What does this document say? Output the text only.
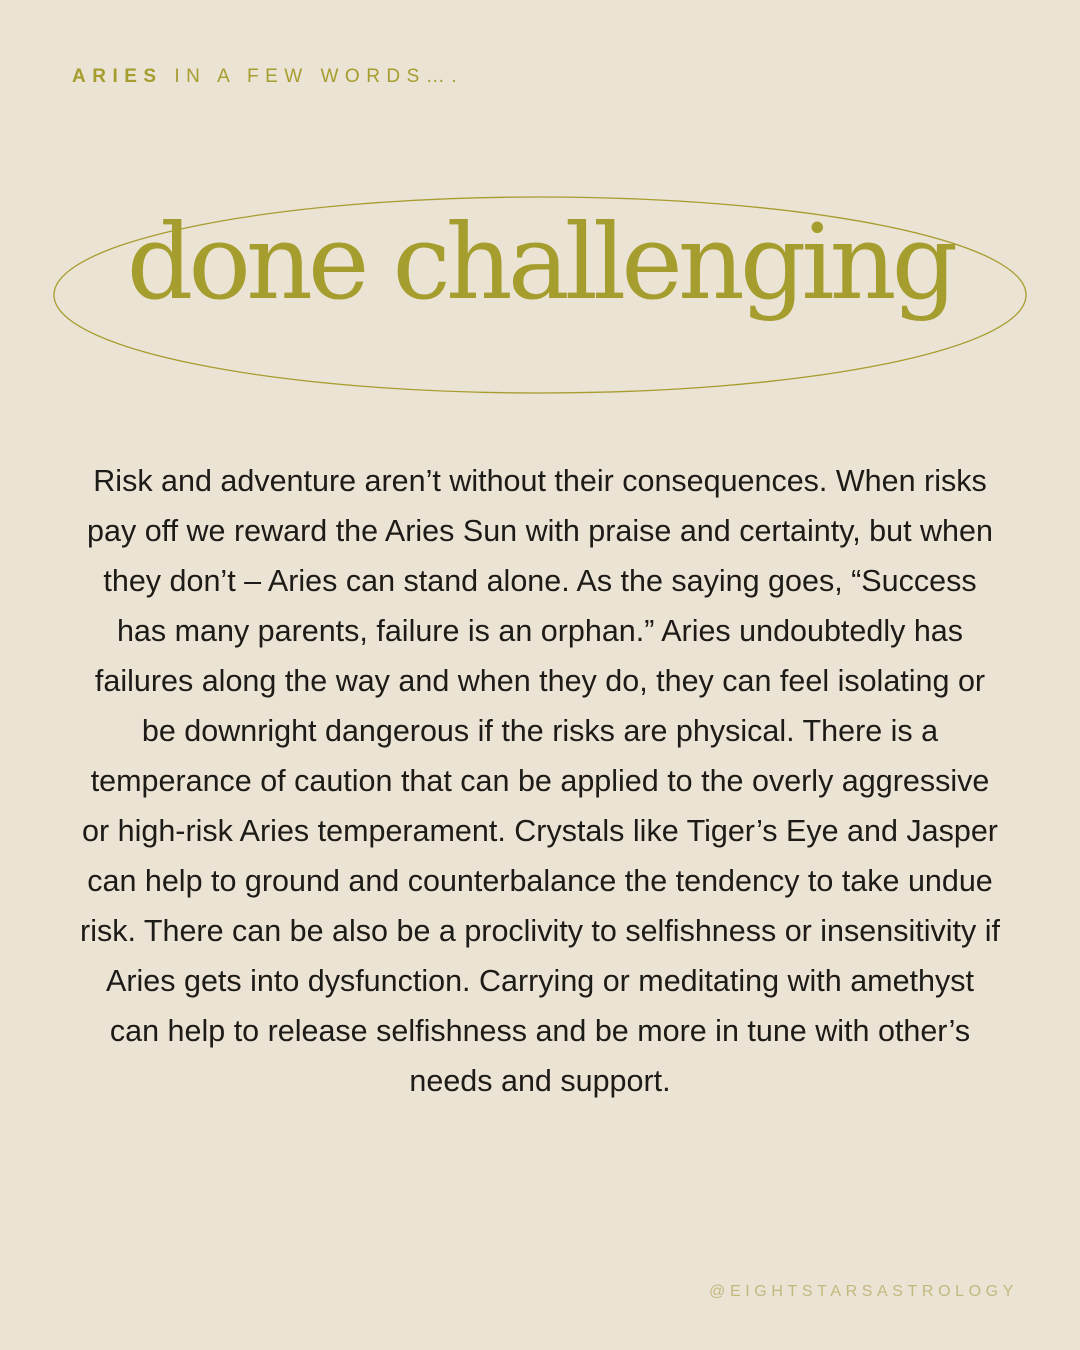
ARIES IN A FEW WORDS….
done challenging

Risk and adventure aren’t without their consequences. When risks pay off we reward the Aries Sun with praise and certainty, but when they don’t – Aries can stand alone. As the saying goes, “Success has many parents, failure is an orphan.” Aries undoubtedly has failures along the way and when they do, they can feel isolating or be downright dangerous if the risks are physical. There is a temperance of caution that can be applied to the overly aggressive or high-risk Aries temperament. Crystals like Tiger’s Eye and Jasper can help to ground and counterbalance the tendency to take undue risk. There can be also be a proclivity to selfishness or insensitivity if Aries gets into dysfunction. Carrying or meditating with amethyst can help to release selfishness and be more in tune with other’s needs and support.

@EIGHTSTARSASTROLOGY
